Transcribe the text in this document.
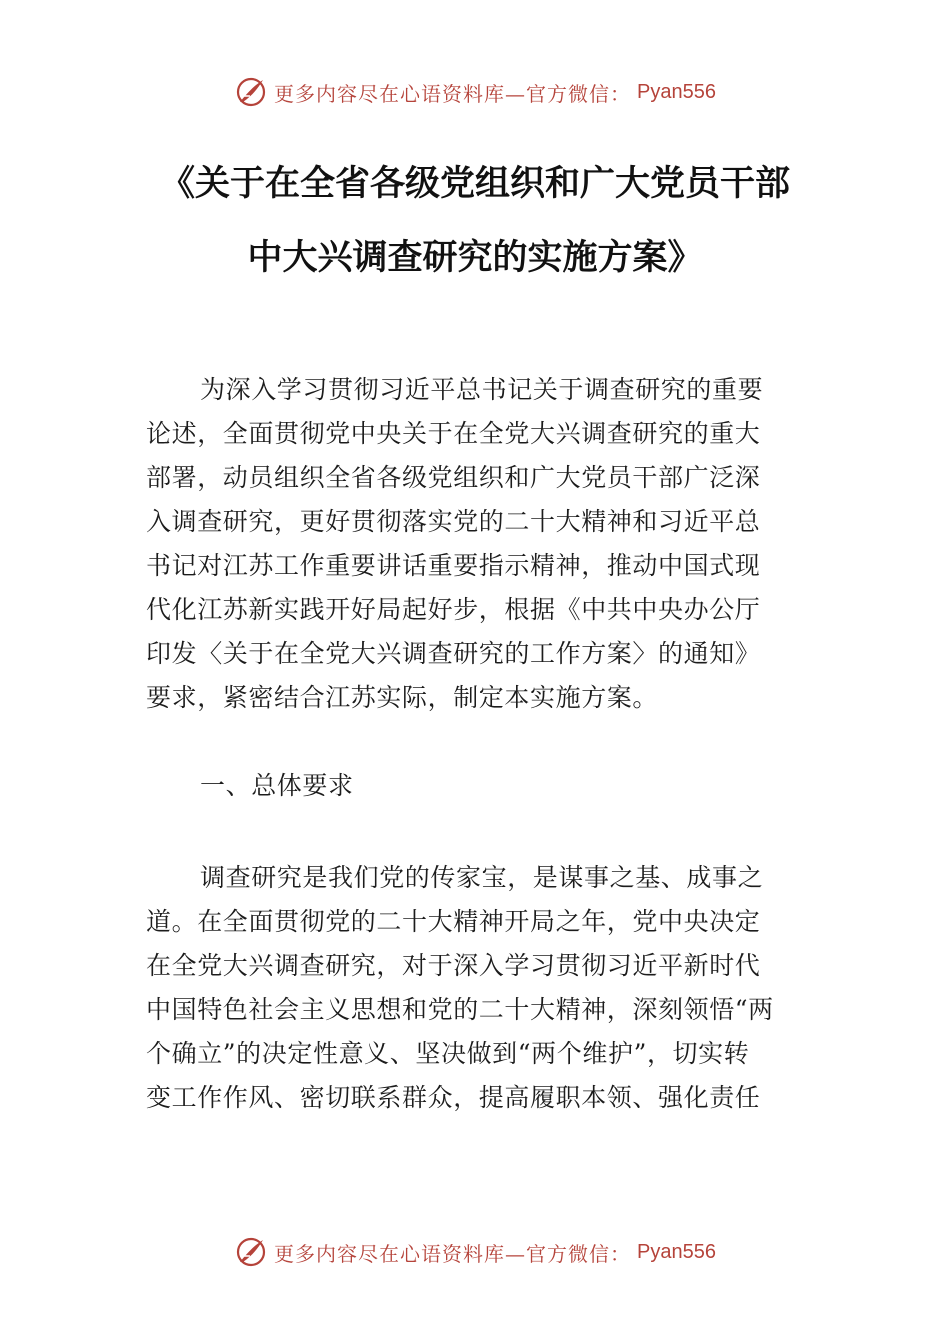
更多内容尽在心语资料库—官方微信： Pyan556
《关于在全省各级党组织和广大党员干部
中大兴调查研究的实施方案》
为深入学习贯彻习近平总书记关于调查研究的重要
论述，全面贯彻党中央关于在全党大兴调查研究的重大
部署，动员组织全省各级党组织和广大党员干部广泛深
入调查研究，更好贯彻落实党的二十大精神和习近平总
书记对江苏工作重要讲话重要指示精神，推动中国式现
代化江苏新实践开好局起好步，根据《中共中央办公厅
印发〈关于在全党大兴调查研究的工作方案〉的通知》
要求，紧密结合江苏实际，制定本实施方案。
一、总体要求
调查研究是我们党的传家宝，是谋事之基、成事之
道。在全面贯彻党的二十大精神开局之年，党中央决定
在全党大兴调查研究，对于深入学习贯彻习近平新时代
中国特色社会主义思想和党的二十大精神，深刻领悟“两
个确立”的决定性意义、坚决做到“两个维护”，切实转
变工作作风、密切联系群众，提高履职本领、强化责任
更多内容尽在心语资料库—官方微信： Pyan556
